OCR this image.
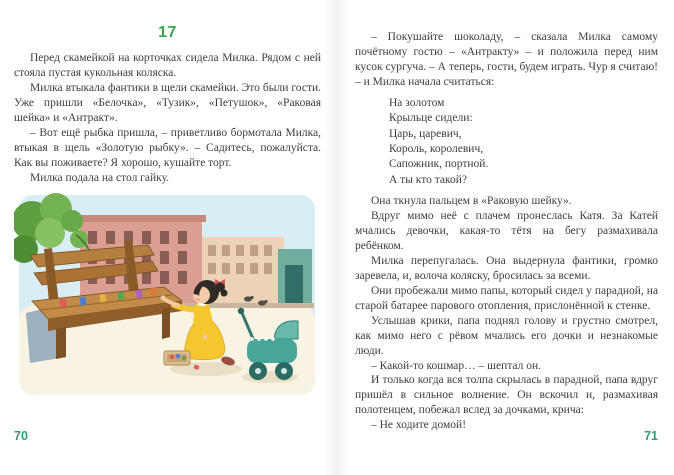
17

Перед скамейкой на корточках сидела Милка. Рядом с ней стояла пустая кукольная коляска.

Милка втыкала фантики в щели скамейки. Это были гости. Уже пришли «Белочка», «Тузик», «Петушок», «Раковая шейка» и «Антракт».

– Вот ещё рыбка пришла, – приветливо бормотала Милка, втыкая в щель «Золотую рыбку». – Садитесь, пожалуйста. Как вы поживаете? Я хорошо, кушайте торт.

Милка подала на стол гайку.

70

– Покушайте шоколаду, – сказала Милка самому почётному гостю – «Антракту» – и положила перед ним кусок сургуча. – А теперь, гости, будем играть. Чур я считаю! – и Милка начала считаться:

На золотом
Крыльце сидели:
Царь, царевич,
Король, королевич,
Сапожник, портной.
А ты кто такой?

Она ткнула пальцем в «Раковую шейку».

Вдруг мимо неё с плачем пронеслась Катя. За Катей мчались девочки, какая-то тётя на бегу размахивала ребёнком.

Милка перепугалась. Она выдернула фантики, громко заревела, и, волоча коляску, бросилась за всеми.

Они пробежали мимо папы, который сидел у парадной, на старой батарее парового отопления, прислонённой к стенке.

Услышав крики, папа поднял голову и грустно смотрел, как мимо него с рёвом мчались его дочки и незнакомые люди.

– Какой-то кошмар… – шептал он.

И только когда вся толпа скрылась в парадной, папа вдруг пришёл в сильное волнение. Он вскочил и, размахивая полотенцем, побежал вслед за дочками, крича:

– Не ходите домой!

71
